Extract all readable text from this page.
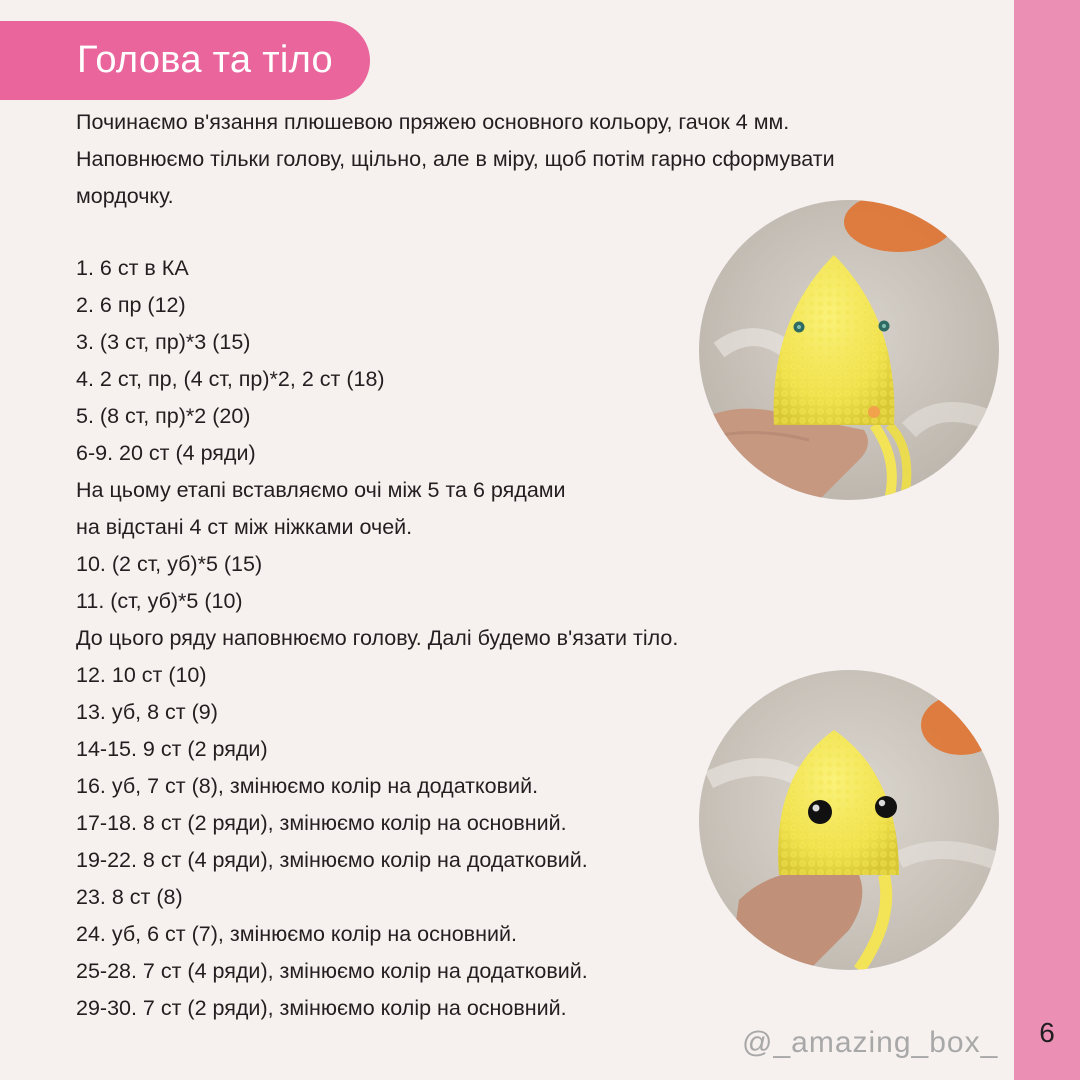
6
Голова та тіло

Починаємо в'язання плюшевою пряжею основного кольору, гачок 4 мм.

Наповнюємо тільки голову, щільно, але в міру, щоб потім гарно сформувати

мордочку.

1. 6 ст в КА
2. 6 пр (12)
3. (3 ст, пр)*3 (15)
4. 2 ст, пр, (4 ст, пр)*2, 2 ст (18)
5. (8 ст, пр)*2 (20)
6-9. 20 ст (4 ряди)
На цьому етапі вставляємо очі між 5 та 6 рядами
на відстані 4 ст між ніжками очей.
10. (2 ст, уб)*5 (15)
11. (ст, уб)*5 (10)
До цього ряду наповнюємо голову. Далі будемо в'язати тіло.
12. 10 ст (10)
13. уб, 8 ст (9)
14-15. 9 ст (2 ряди)
16. уб, 7 ст (8), змінюємо колір на додатковий.
17-18. 8 ст (2 ряди), змінюємо колір на основний.
19-22. 8 ст (4 ряди), змінюємо колір на додатковий.
23. 8 ст (8)
24. уб, 6 ст (7), змінюємо колір на основний.
25-28. 7 ст (4 ряди), змінюємо колір на додатковий.
29-30. 7 ст (2 ряди), змінюємо колір на основний.
@_amazing_box_
